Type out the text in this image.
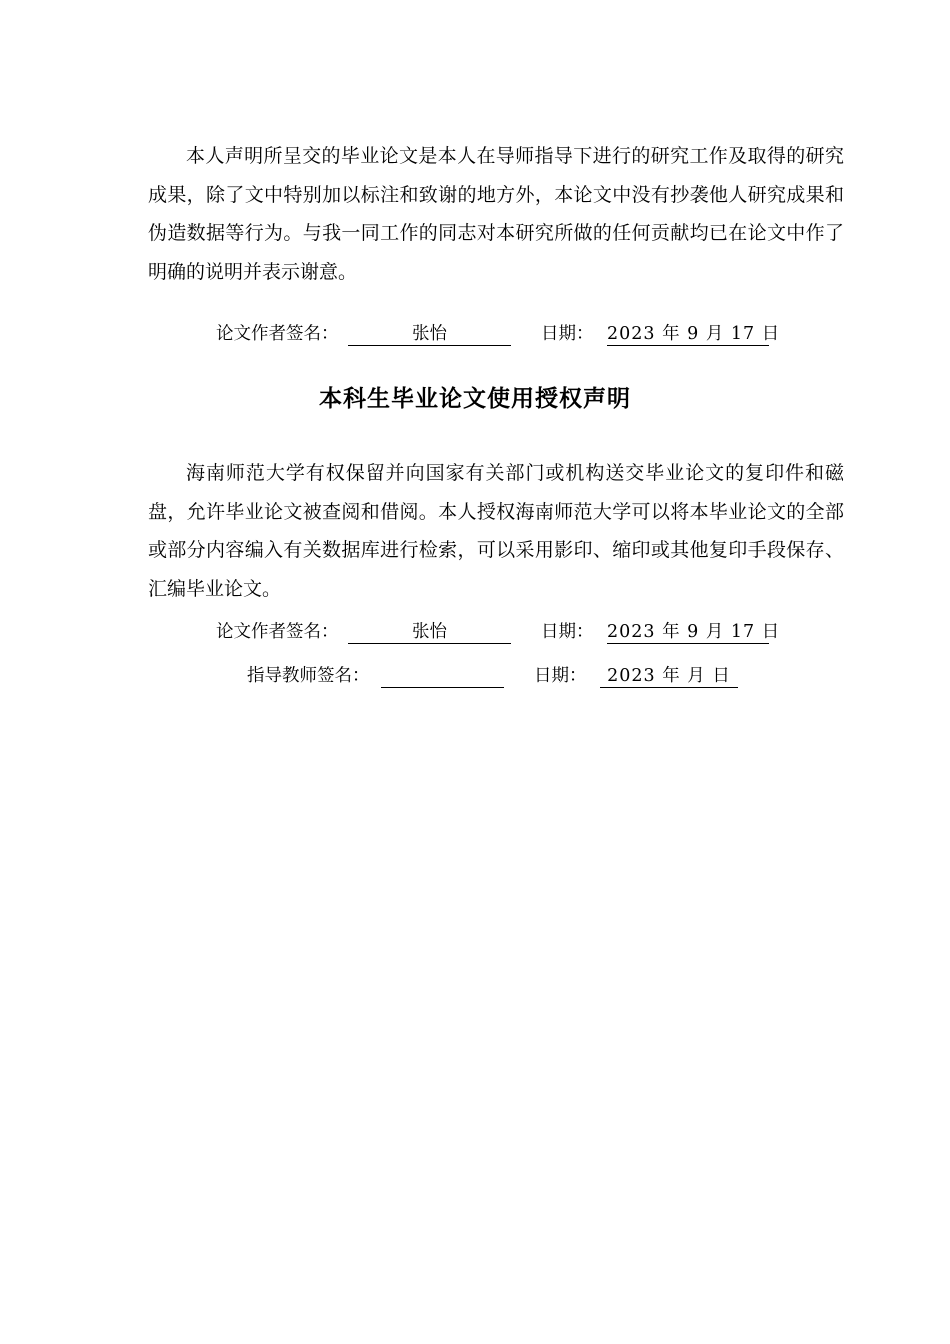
本人声明所呈交的毕业论文是本人在导师指导下进行的研究工作及取得的研究成果，除了文中特别加以标注和致谢的地方外，本论文中没有抄袭他人研究成果和伪造数据等行为。与我一同工作的同志对本研究所做的任何贡献均已在论文中作了明确的说明并表示谢意。

论文作者签名：	张怡	日期： 2023 年 9 月 17 日
本科生毕业论文使用授权声明

海南师范大学有权保留并向国家有关部门或机构送交毕业论文的复印件和磁盘，允许毕业论文被查阅和借阅。本人授权海南师范大学可以将本毕业论文的全部或部分内容编入有关数据库进行检索，可以采用影印、缩印或其他复印手段保存、汇编毕业论文。

论文作者签名：	张怡	日期： 2023 年 9 月 17 日
指导教师签名：	日期：	2023 年 月 日
